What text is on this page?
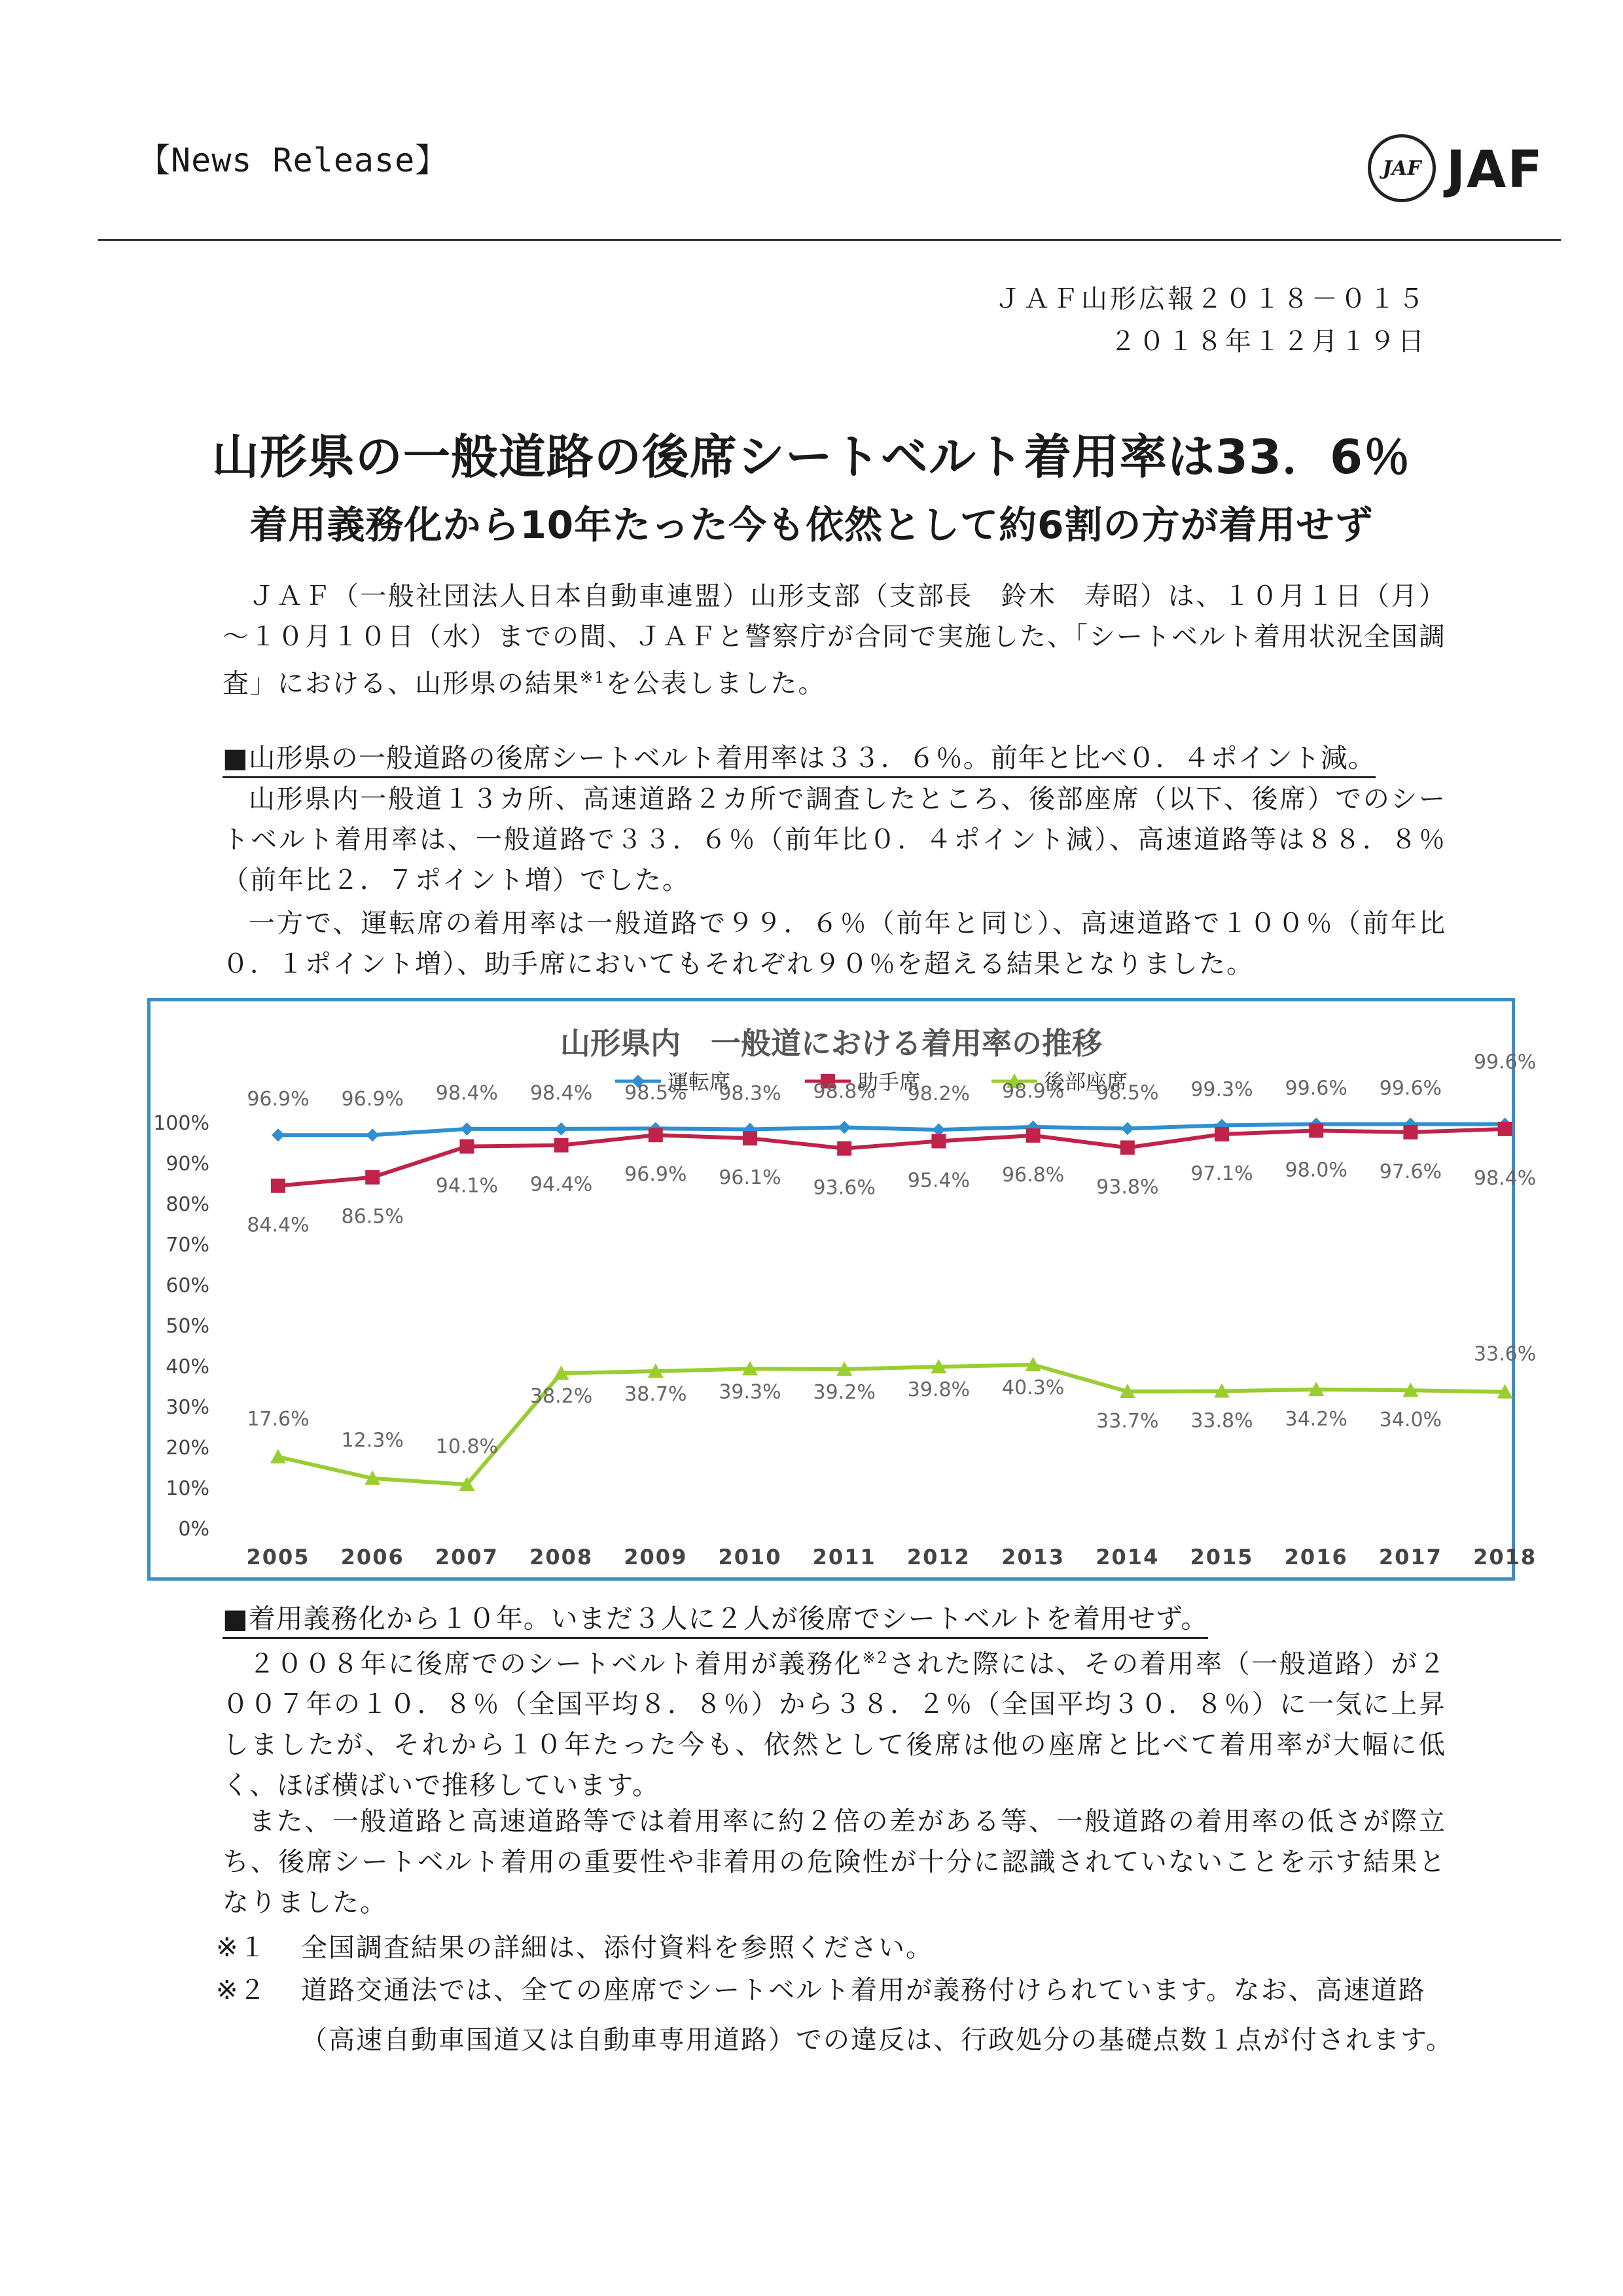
【News Release】	JAF JAF
ＪＡＦ山形広報２０１８－０１５
２０１８年１２月１９日
山形県の一般道路の後席シートベルト着用率は33．6％
着用義務化から10年たった今も依然として約6割の方が着用せず
ＪＡＦ（一般社団法人日本自動車連盟）山形支部（支部長　鈴木　寿昭）は、１０月１日（月）～１０月１０日（水）までの間、ＪＡＦと警察庁が合同で実施した、「シートベルト着用状況全国調査」における、山形県の結果$^{※1}$を公表しました。
■山形県の一般道路の後席シートベルト着用率は３３．６％。前年と比べ０．４ポイント減。
山形県内一般道１３カ所、高速道路２カ所で調査したところ、後部座席（以下、後席）でのシートベルト着用率は、一般道路で３３．６％（前年比０．４ポイント減）、高速道路等は８８．８％（前年比２．７ポイント増）でした。
一方で、運転席の着用率は一般道路で９９．６％（前年と同じ）、高速道路で１００％（前年比０．１ポイント増）、助手席においてもそれぞれ９０％を超える結果となりました。
山形県内　一般道における着用率の推移
運転席	助手席	後部座席
0%
10%
20%
30%
40%
50%
60%
70%
80%
90%
100%
2005 2006 2007 2008 2009 2010 2011 2012 2013 2014 2015 2016 2017 2018
96.9% 96.9% 98.4% 98.4% 98.5% 98.3% 98.8% 98.2% 98.9% 98.5% 99.3% 99.6% 99.6%
99.6%
84.4% 86.5%
94.1% 94.4% 96.9% 96.1% 93.6% 95.4% 96.8%
93.8%
97.1% 98.0% 97.6% 98.4%
17.6%
12.3% 10.8%
38.2% 38.7% 39.3% 39.2% 39.8% 40.3%
33.7% 33.8% 34.2% 34.0%
33.6%
■着用義務化から１０年。いまだ３人に２人が後席でシートベルトを着用せず。
２００８年に後席でのシートベルト着用が義務化$^{※2}$された際には、その着用率（一般道路）が２００７年の１０．８％（全国平均８．８％）から３８．２％（全国平均３０．８％）に一気に上昇しましたが、それから１０年たった今も、依然として後席は他の座席と比べて着用率が大幅に低く、ほぼ横ばいで推移しています。
また、一般道路と高速道路等では着用率に約２倍の差がある等、一般道路の着用率の低さが際立ち、後席シートベルト着用の重要性や非着用の危険性が十分に認識されていないことを示す結果となりました。
※１ 全国調査結果の詳細は、添付資料を参照ください。
※２ 道路交通法では、全ての座席でシートベルト着用が義務付けられています。なお、高速道路
（高速自動車国道又は自動車専用道路）での違反は、行政処分の基礎点数１点が付されます。
